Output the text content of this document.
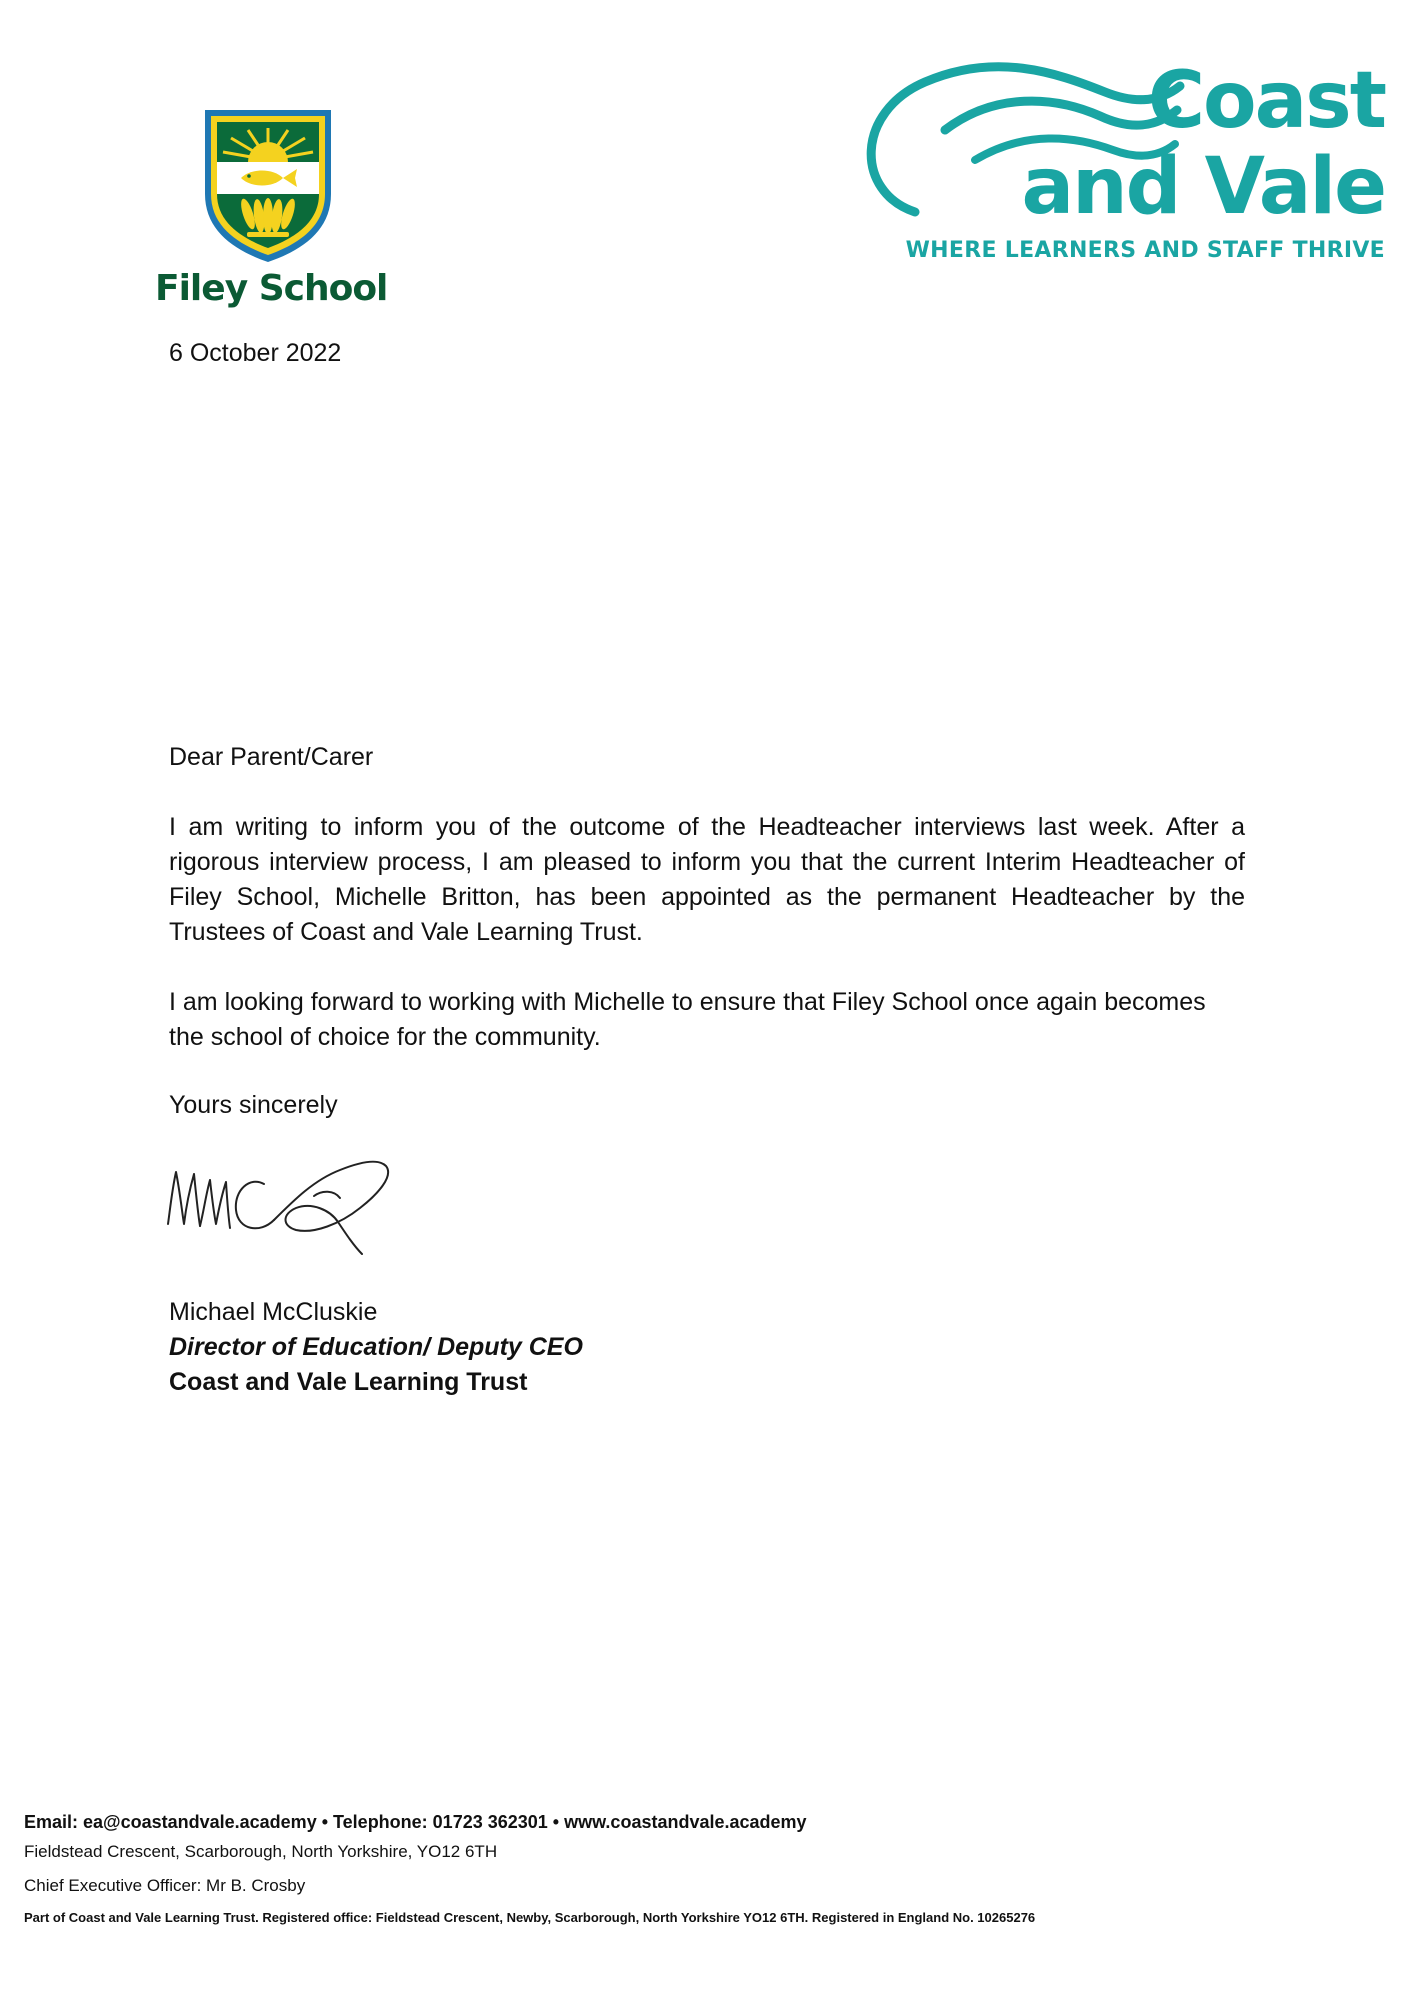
Filey School
Coast
and Vale
WHERE LEARNERS AND STAFF THRIVE

6 October 2022

Dear Parent/Carer

I am writing to inform you of the outcome of the Headteacher interviews last week. After a rigorous interview process, I am pleased to inform you that the current Interim Headteacher of Filey School, Michelle Britton, has been appointed as the permanent Headteacher by the Trustees of Coast and Vale Learning Trust.

I am looking forward to working with Michelle to ensure that Filey School once again becomes the school of choice for the community.

Yours sincerely

Michael McCluskie

Director of Education/ Deputy CEO

Coast and Vale Learning Trust

Email: ea@coastandvale.academy • Telephone: 01723 362301 • www.coastandvale.academy

Fieldstead Crescent, Scarborough, North Yorkshire, YO12 6TH

Chief Executive Officer: Mr B. Crosby

Part of Coast and Vale Learning Trust. Registered office: Fieldstead Crescent, Newby, Scarborough, North Yorkshire YO12 6TH. Registered in England No. 10265276
